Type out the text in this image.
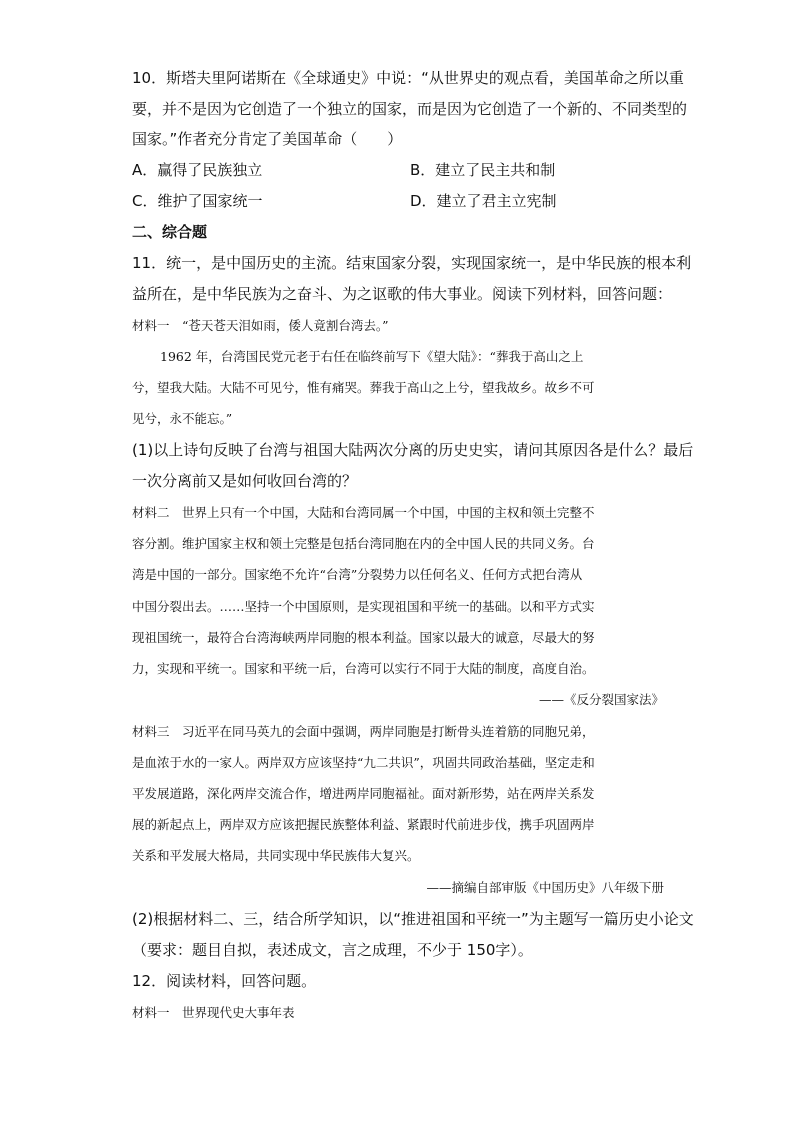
10．斯塔夫里阿诺斯在《全球通史》中说：“从世界史的观点看，美国革命之所以重
要，并不是因为它创造了一个独立的国家，而是因为它创造了一个新的、不同类型的
国家。”作者充分肯定了美国革命（　　）
A．赢得了民族独立	B．建立了民主共和制
C．维护了国家统一	D．建立了君主立宪制
二、综合题
11．统一，是中国历史的主流。结束国家分裂，实现国家统一，是中华民族的根本利
益所在，是中华民族为之奋斗、为之讴歌的伟大事业。阅读下列材料，回答问题：
材料一　“苍天苍天泪如雨，倭人竟割台湾去。”
1962 年，台湾国民党元老于右任在临终前写下《望大陆》：“葬我于高山之上
兮，望我大陆。大陆不可见兮，惟有痛哭。葬我于高山之上兮，望我故乡。故乡不可
见兮，永不能忘。”
(1)以上诗句反映了台湾与祖国大陆两次分离的历史史实，请问其原因各是什么？最后
一次分离前又是如何收回台湾的？
材料二　世界上只有一个中国，大陆和台湾同属一个中国，中国的主权和领土完整不
容分割。维护国家主权和领土完整是包括台湾同胞在内的全中国人民的共同义务。台
湾是中国的一部分。国家绝不允许“台湾”分裂势力以任何名义、任何方式把台湾从
中国分裂出去。……坚持一个中国原则，是实现祖国和平统一的基础。以和平方式实
现祖国统一，最符合台湾海峡两岸同胞的根本利益。国家以最大的诚意，尽最大的努
力，实现和平统一。国家和平统一后，台湾可以实行不同于大陆的制度，高度自治。
——《反分裂国家法》
材料三　习近平在同马英九的会面中强调，两岸同胞是打断骨头连着筋的同胞兄弟，
是血浓于水的一家人。两岸双方应该坚持“九二共识”，巩固共同政治基础，坚定走和
平发展道路，深化两岸交流合作，增进两岸同胞福祉。面对新形势，站在两岸关系发
展的新起点上，两岸双方应该把握民族整体利益、紧跟时代前进步伐，携手巩固两岸
关系和平发展大格局，共同实现中华民族伟大复兴。
——摘编自部审版《中国历史》八年级下册
(2)根据材料二、三，结合所学知识，以“推进祖国和平统一”为主题写一篇历史小论文
（要求：题目自拟，表述成文，言之成理，不少于 150字）。
12．阅读材料，回答问题。
材料一　世界现代史大事年表
